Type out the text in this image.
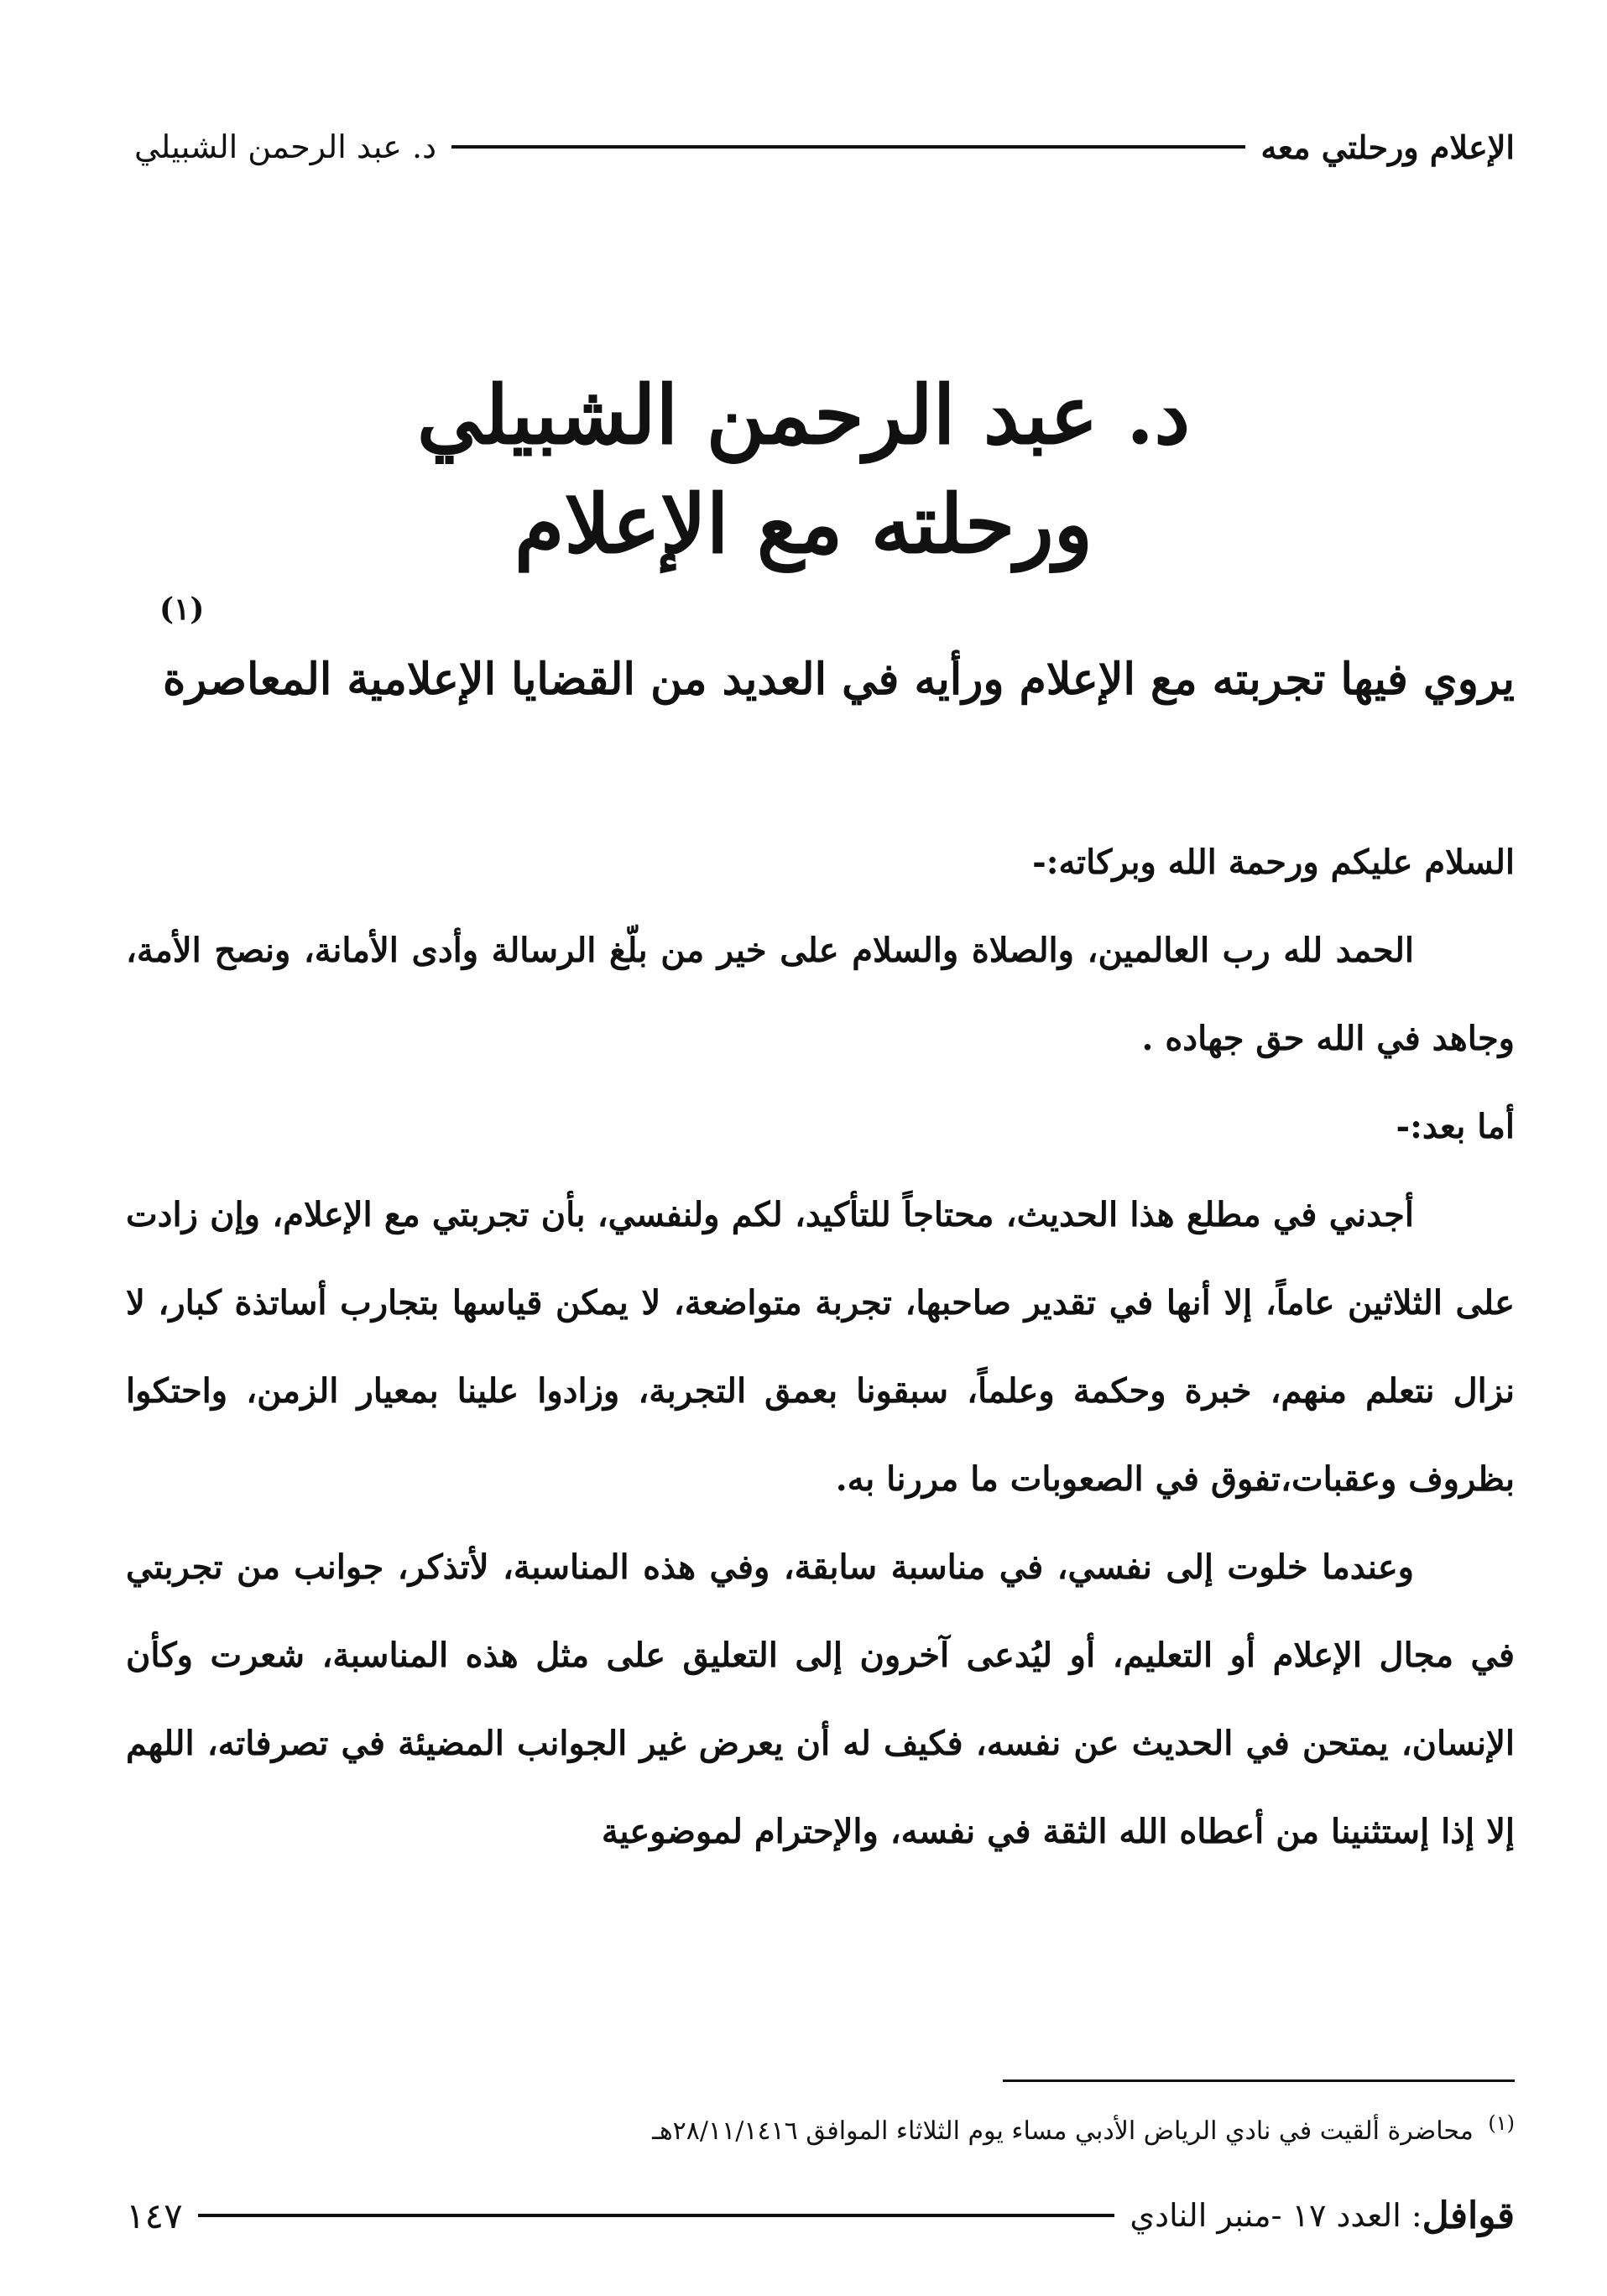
الإعلام ورحلتي معه
د. عبد الرحمن الشبيلي
د. عبد الرحمن الشبيلي
ورحلته مع الإعلام
(١)
يروي فيها تجربته مع الإعلام ورأيه في العديد من القضايا الإعلامية المعاصرة

السلام عليكم ورحمة الله وبركاته:-

الحمد لله رب العالمين، والصلاة والسلام على خير من بلّغ الرسالة وأدى الأمانة، ونصح الأمة، وجاهد في الله حق جهاده .

أما بعد:-

أجدني في مطلع هذا الحديث، محتاجاً للتأكيد، لكم ولنفسي، بأن تجربتي مع الإعلام، وإن زادت على الثلاثين عاماً، إلا أنها في تقدير صاحبها، تجربة متواضعة، لا يمكن قياسها بتجارب أساتذة كبار، لا نزال نتعلم منهم، خبرة وحكمة وعلماً، سبقونا بعمق التجربة، وزادوا علينا بمعيار الزمن، واحتكوا بظروف وعقبات،تفوق في الصعوبات ما مررنا به.

وعندما خلوت إلى نفسي، في مناسبة سابقة، وفي هذه المناسبة، لأتذكر، جوانب من تجربتي في مجال الإعلام أو التعليم، أو ليُدعى آخرون إلى التعليق على مثل هذه المناسبة، شعرت وكأن الإنسان، يمتحن في الحديث عن نفسه، فكيف له أن يعرض غير الجوانب المضيئة في تصرفاته، اللهم إلا إذا إستثنينا من أعطاه الله الثقة في نفسه، والإحترام لموضوعية

$^{(١)}$ محاضرة ألقيت في نادي الرياض الأدبي مساء يوم الثلاثاء الموافق ٢٨/١١/١٤١٦هـ
قوافل
: العدد ١٧ -منبر النادي
١٤٧
